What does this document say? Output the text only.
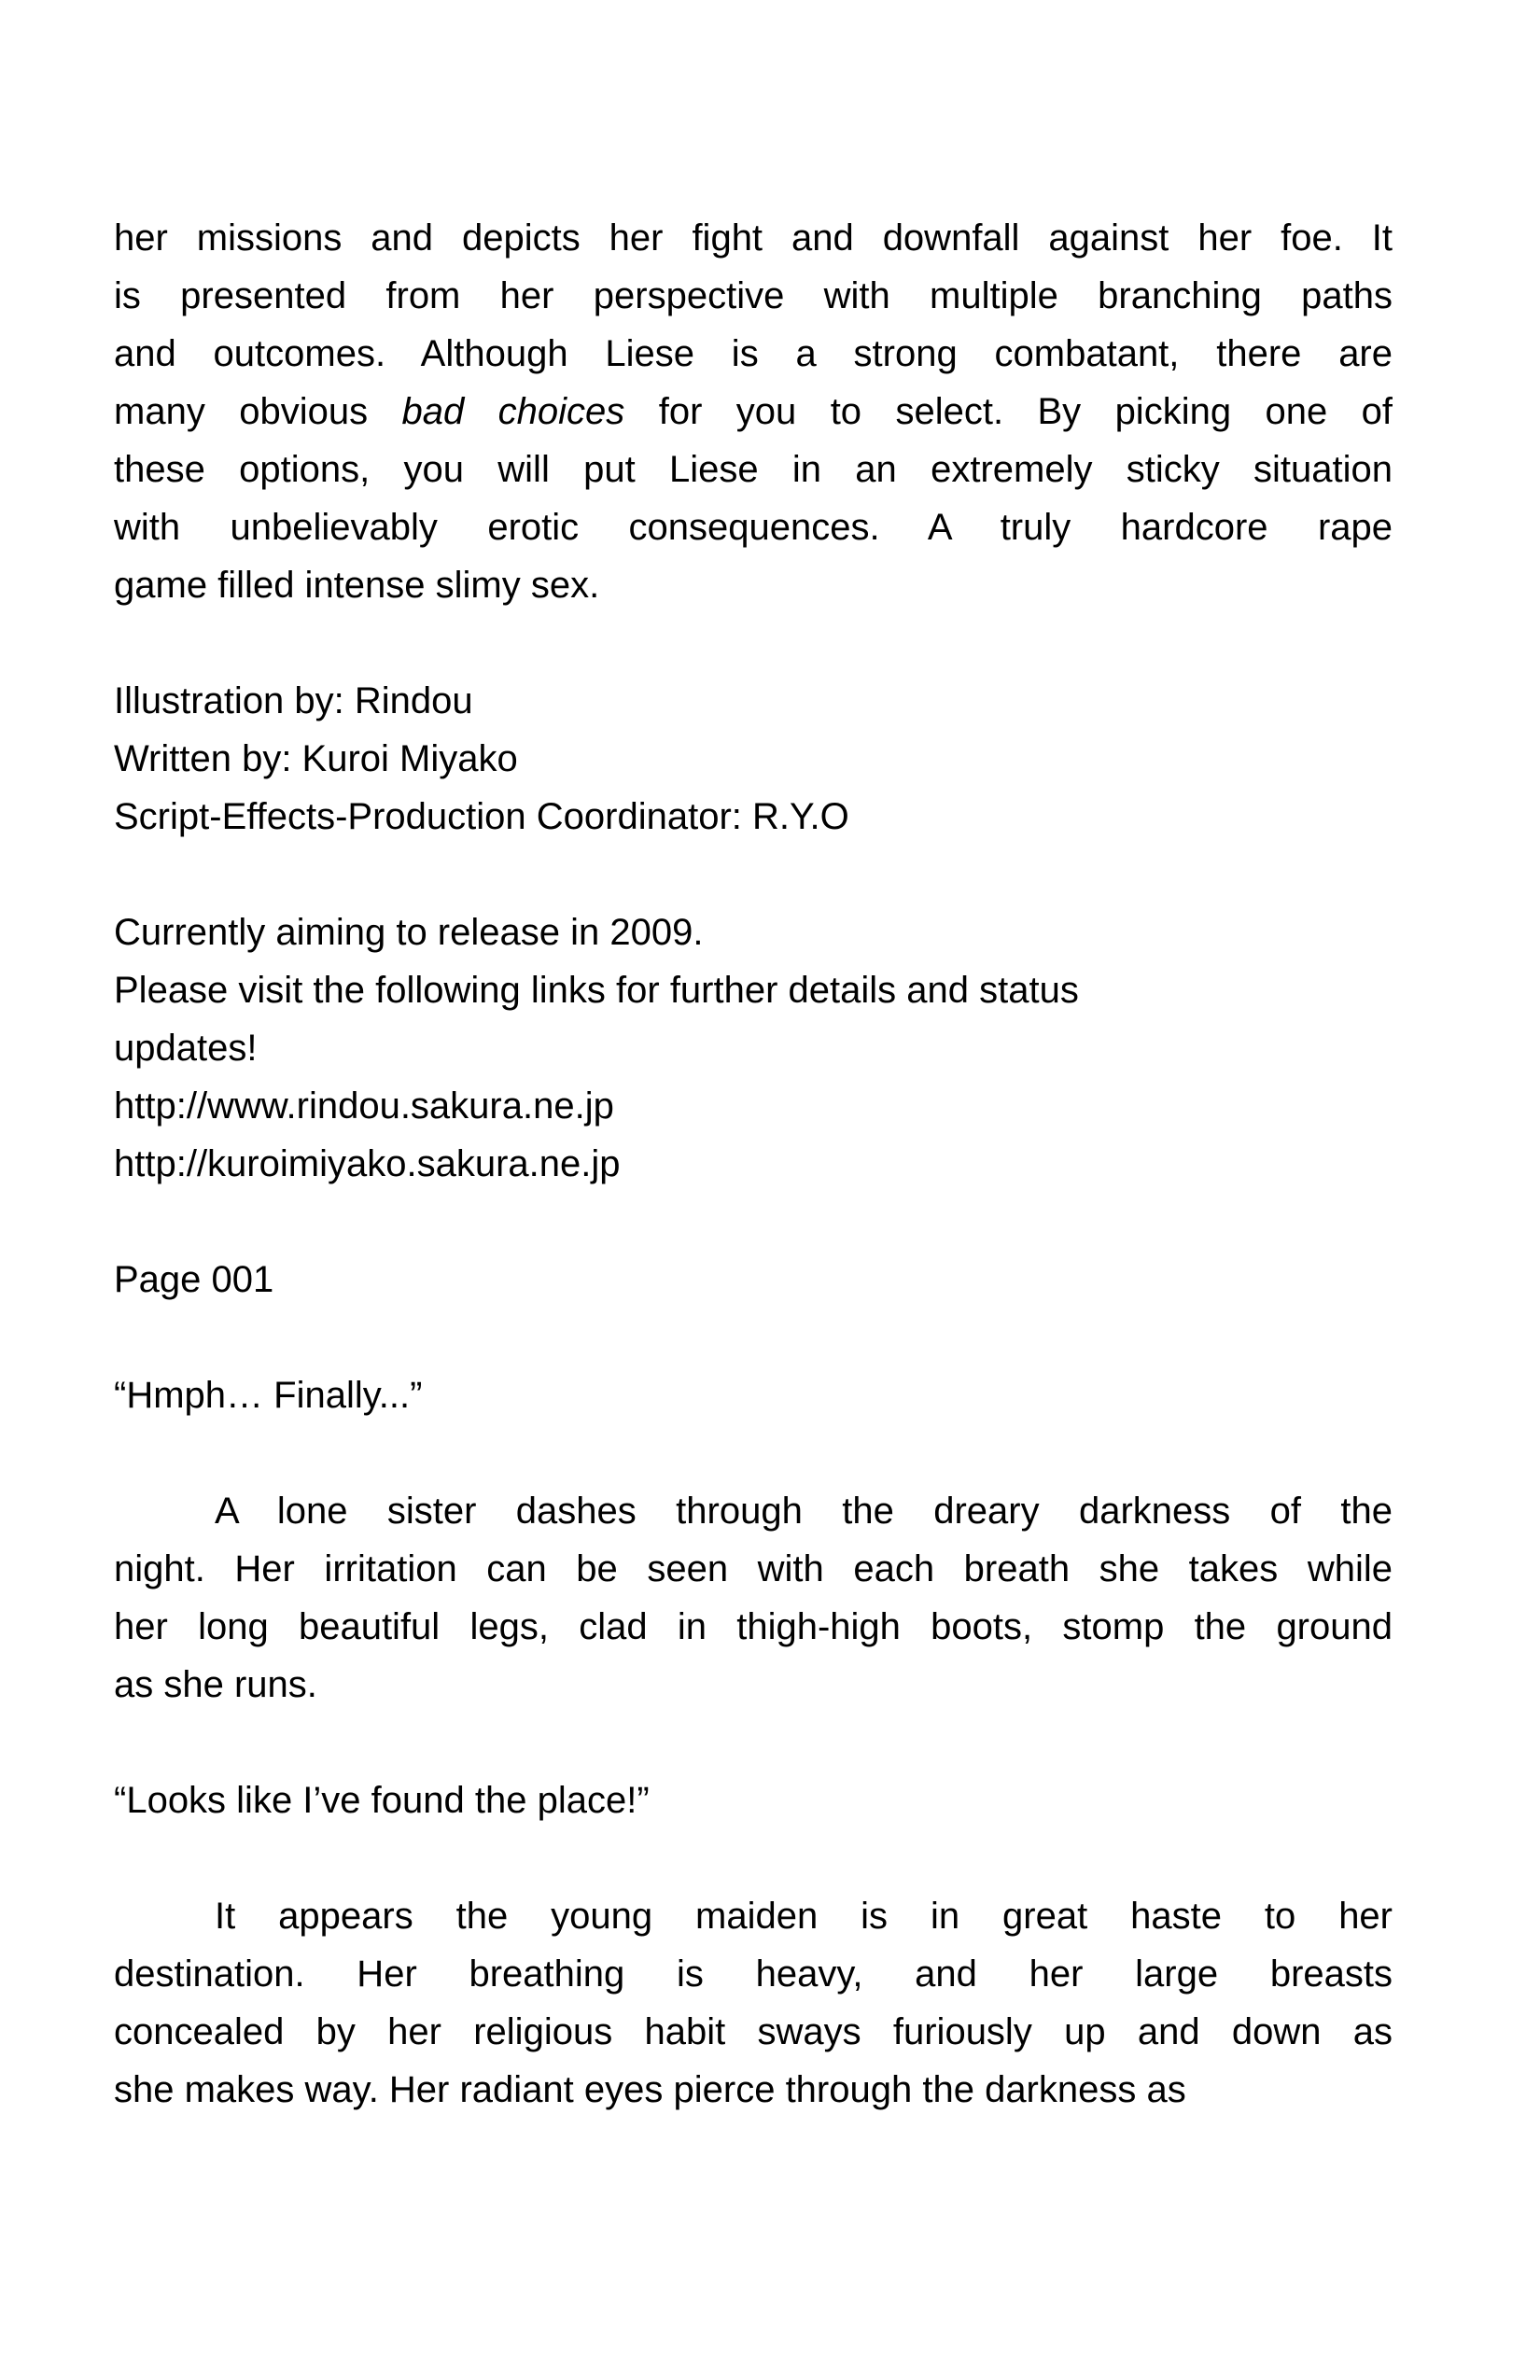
her missions and depicts her fight and downfall against her foe. It
is presented from her perspective with multiple branching paths
and outcomes. Although Liese is a strong combatant, there are
many obvious bad choices for you to select. By picking one of
these options, you will put Liese in an extremely sticky situation
with unbelievably erotic consequences. A truly hardcore rape
game filled intense slimy sex.
Illustration by: Rindou
Written by: Kuroi Miyako
Script-Effects-Production Coordinator: R.Y.O
Currently aiming to release in 2009.
Please visit the following links for further details and status
updates!
http://www.rindou.sakura.ne.jp
http://kuroimiyako.sakura.ne.jp
Page 001
“Hmph… Finally...”
A lone sister dashes through the dreary darkness of the
night. Her irritation can be seen with each breath she takes while
her long beautiful legs, clad in thigh-high boots, stomp the ground
as she runs.
“Looks like I’ve found the place!”
It appears the young maiden is in great haste to her
destination. Her breathing is heavy, and her large breasts
concealed by her religious habit sways furiously up and down as
she makes way. Her radiant eyes pierce through the darkness as
